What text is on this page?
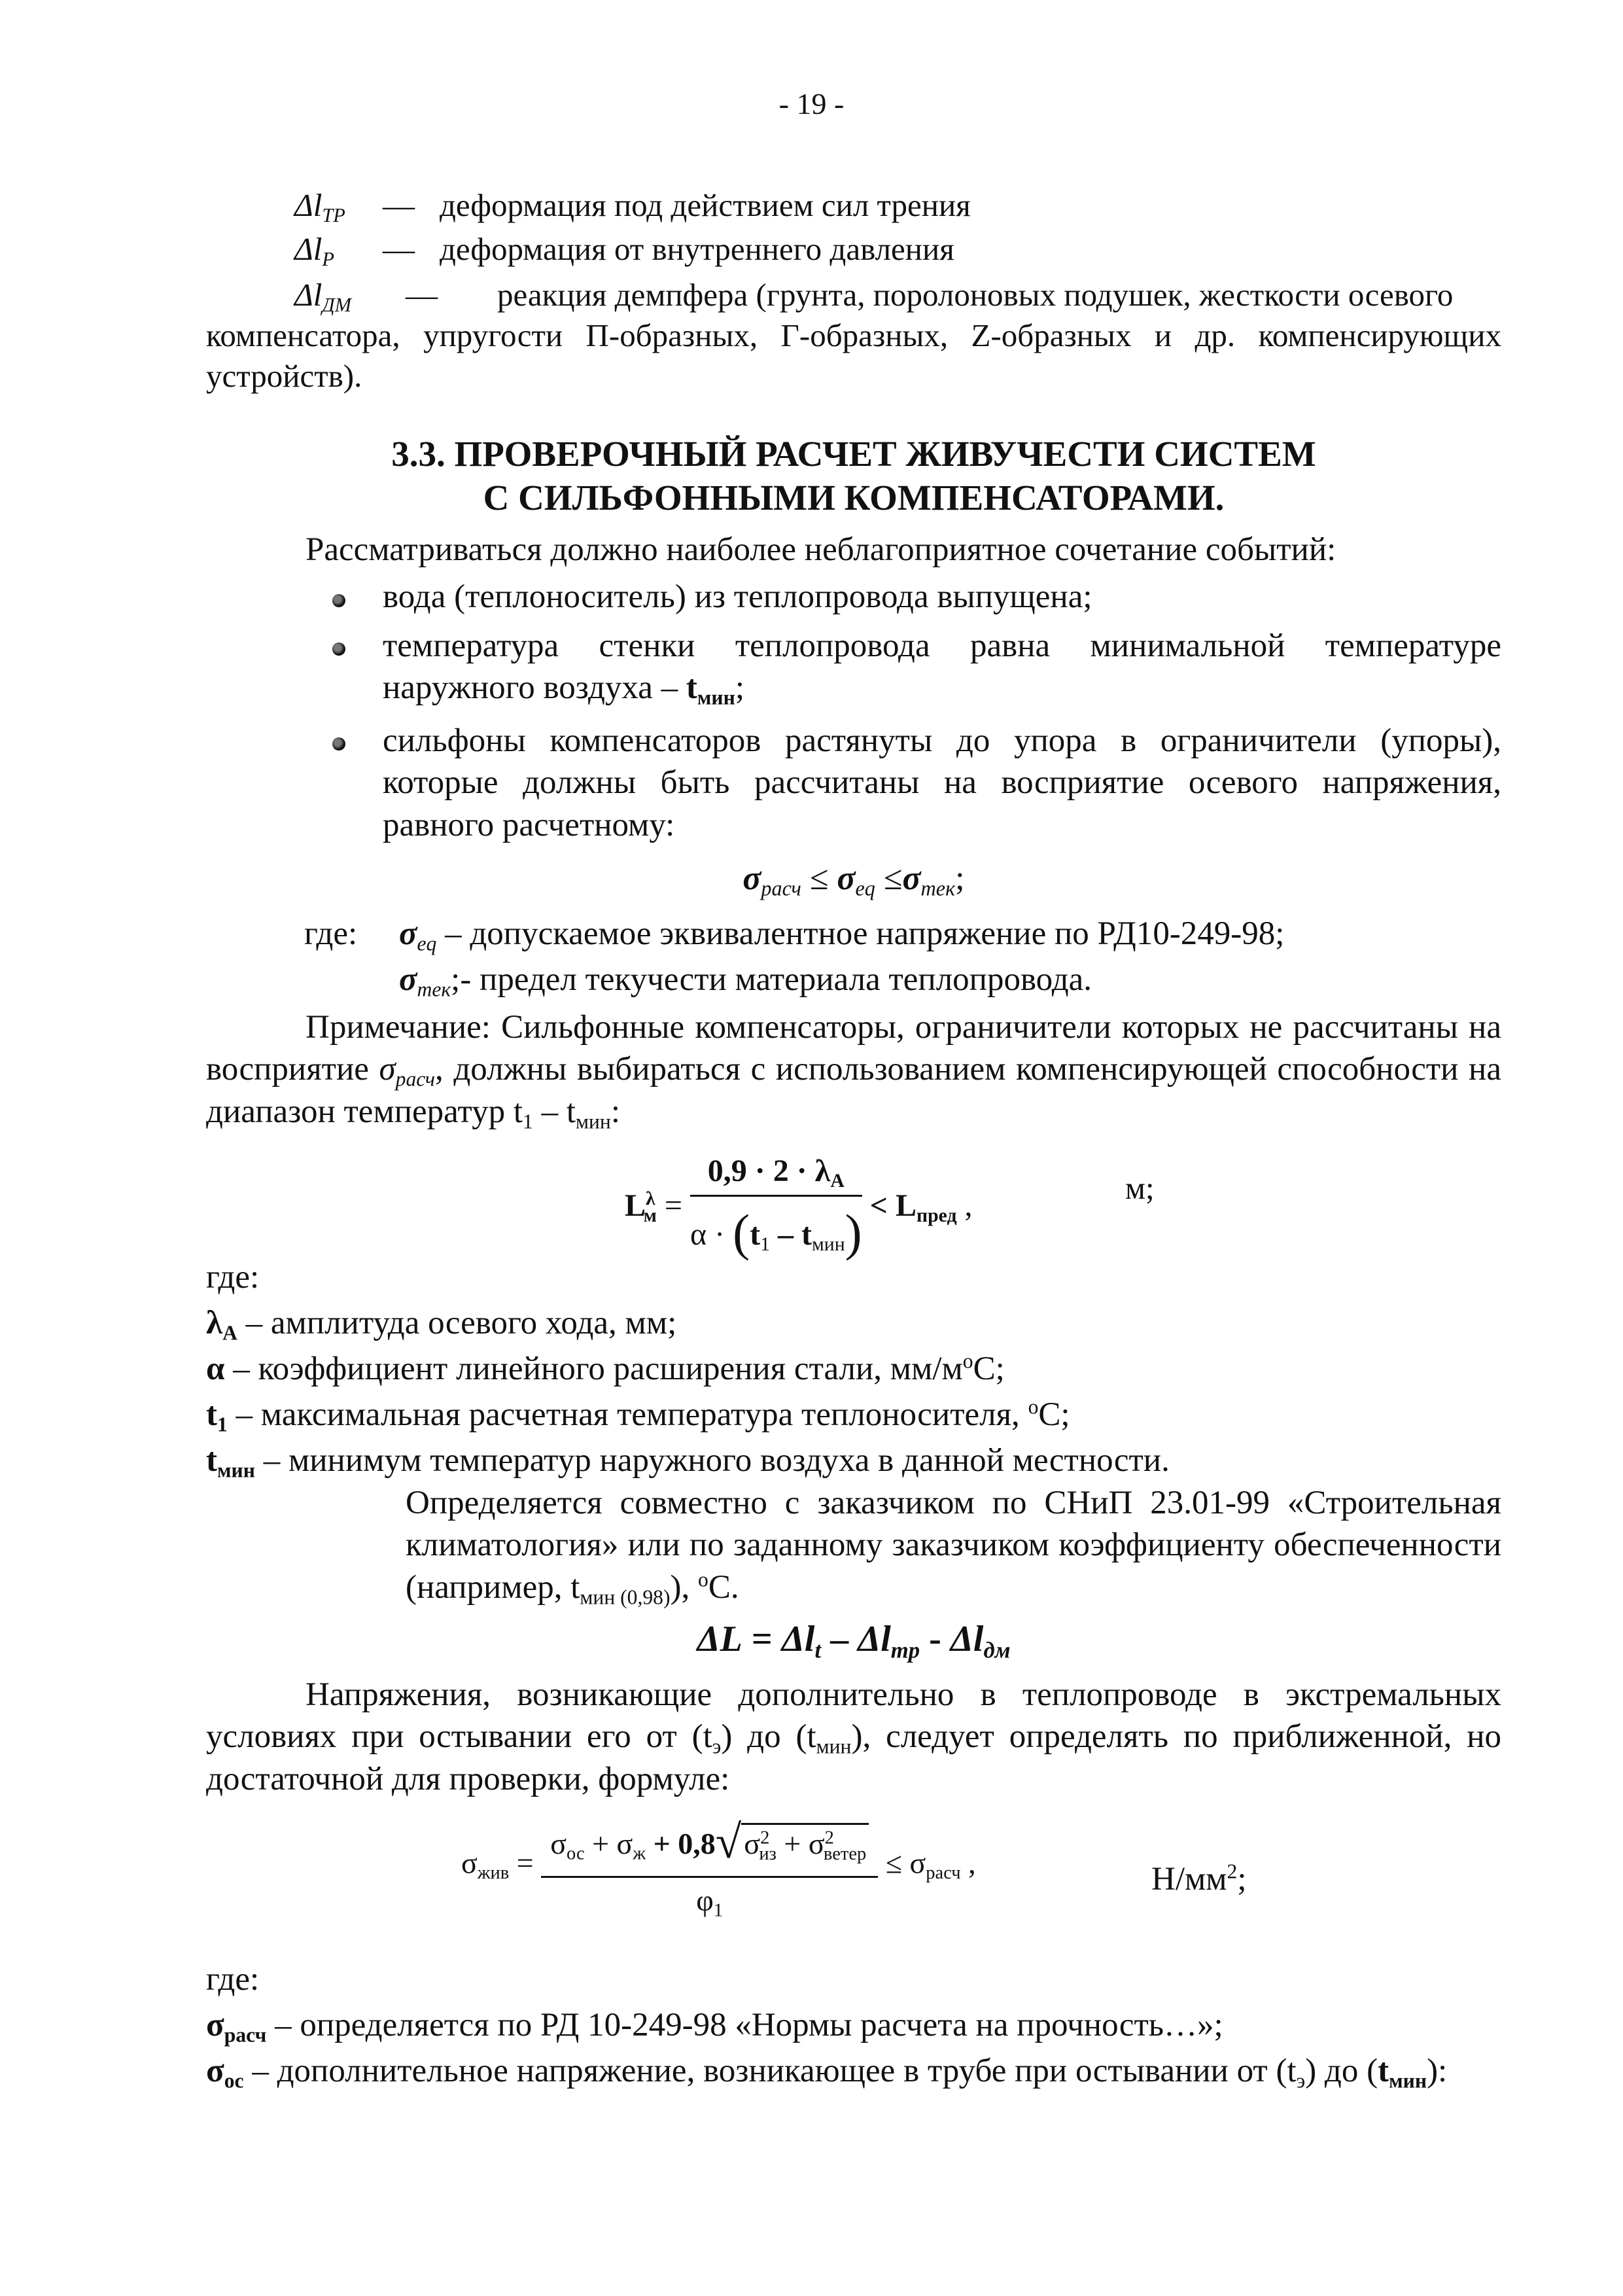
- 19 -
$\Delta l_{ТР}$ — деформация под действием сил трения
$\Delta l_Р$ — деформация от внутреннего давления
$\Delta l_{ДМ}$ — реакция демпфера (грунта, поролоновых подушек, жесткости осевого
компенсатора, упругости П-образных, Г-образных, Z-образных и др. компенсирующих устройств).
3.3. ПРОВЕРОЧНЫЙ РАСЧЕТ ЖИВУЧЕСТИ СИСТЕМ
С СИЛЬФОННЫМИ КОМПЕНСАТОРАМИ.
Рассматриваться должно наиболее неблагоприятное сочетание событий:
вода (теплоноситель) из теплопровода выпущена;
температура стенки теплопровода равна минимальной температуре наружного воздуха – $t_{мин}$;
сильфоны компенсаторов растянуты до упора в ограничители (упоры), которые должны быть рассчитаны на восприятие осевого напряжения, равного расчетному:
$\sigma_{расч} \le \sigma_{eq} \le\sigma_{тек}$;
где: $\sigma_{eq}$ – допускаемое эквивалентное напряжение по РД10-249-98;
$\sigma_{тек};-$ предел текучести материала теплопровода.
Примечание: Сильфонные компенсаторы, ограничители которых не рассчитаны на восприятие $\sigma_{расч}$, должны выбираться с использованием компенсирующей способности на диапазон температур $t_1 - t_{мин}$:
$L^\lambda_м = \frac{0,9 \cdot 2 \cdot \lambda_A}{\alpha \cdot (t_1 - t_{мин})} < L_{пред}$ ,	м;
где:
$\lambda_A$ – амплитуда осевого хода, мм;
α – коэффициент линейного расширения стали, $мм/м^oС$;
$t_1$ – максимальная расчетная температура теплоносителя, $^o$С;
$t_{мин}$ – минимум температур наружного воздуха в данной местности.
Определяется совместно с заказчиком по СНиП 23.01-99 «Строительная климатология» или по заданному заказчиком коэффициенту обеспеченности (например, $t_{мин (0,98)}$), $^o$С.
$\Delta L = \Delta l_t - \Delta l_{тр} - \Delta l_{дм}$
Напряжения, возникающие дополнительно в теплопроводе в экстремальных условиях при остывании его от $(t_э)$ до $(t_{мин})$, следует определять по приближенной, но достаточной для проверки, формуле:
$\sigma_{жив} = \frac{\sigma_{ос} + \sigma_ж + 0,8√\sigma^2_{из} + \sigma^2_{ветер}}{\varphi_1} \le \sigma_{расч}$ ,	$Н/мм^2$;
где:
$\sigma_{расч}$ – определяется по РД 10-249-98 «Нормы расчета на прочность…»;
$\sigma_{ос}$ – дополнительное напряжение, возникающее в трубе при остывании от $(t_э)$ до $(t_{мин})$:
